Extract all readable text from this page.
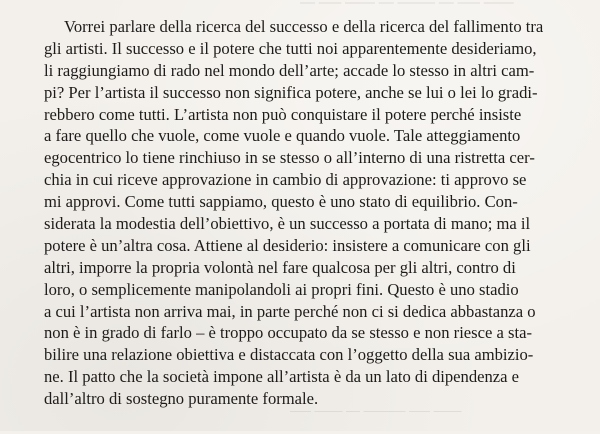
⎯⎯ ⎯⎯⎯ ⎯⎯⎯⎯ ⎯⎯ ⎯⎯⎯⎯⎯ ⎯⎯ ⎯⎯⎯ ⎯⎯⎯⎯
⎯⎯⎯ ⎯⎯⎯⎯ ⎯⎯ ⎯⎯⎯⎯⎯⎯ ⎯⎯⎯ ⎯⎯⎯⎯
Vorrei parlare della ricerca del successo e della ricerca del fallimento tra
gli artisti. Il successo e il potere che tutti noi apparentemente desideriamo,
li raggiungiamo di rado nel mondo dell’arte; accade lo stesso in altri cam-
pi? Per l’artista il successo non significa potere, anche se lui o lei lo gradi-
rebbero come tutti. L’artista non può conquistare il potere perché insiste
a fare quello che vuole, come vuole e quando vuole. Tale atteggiamento
egocentrico lo tiene rinchiuso in se stesso o all’interno di una ristretta cer-
chia in cui riceve approvazione in cambio di approvazione: ti approvo se
mi approvi. Come tutti sappiamo, questo è uno stato di equilibrio. Con-
siderata la modestia dell’obiettivo, è un successo a portata di mano; ma il
potere è un’altra cosa. Attiene al desiderio: insistere a comunicare con gli
altri, imporre la propria volontà nel fare qualcosa per gli altri, contro di
loro, o semplicemente manipolandoli ai propri fini. Questo è uno stadio
a cui l’artista non arriva mai, in parte perché non ci si dedica abbastanza o
non è in grado di farlo – è troppo occupato da se stesso e non riesce a sta-
bilire una relazione obiettiva e distaccata con l’oggetto della sua ambizio-
ne. Il patto che la società impone all’artista è da un lato di dipendenza e
dall’altro di sostegno puramente formale.
